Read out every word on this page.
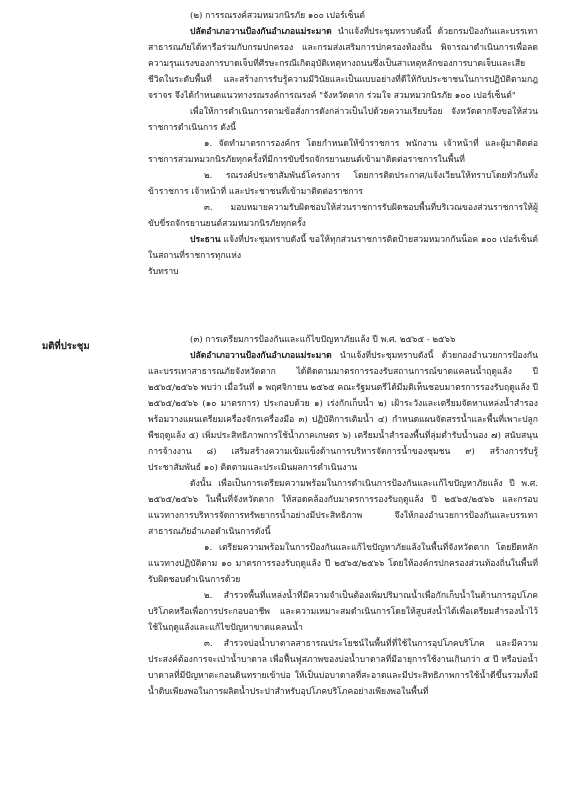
มติที่ประชุม

(๒) การรณรงค์สวมหมวกนิรภัย ๑๐๐ เปอร์เซ็นต์

ปลัดอำเภอวานป้องกันอำเภอแม่ระมาด นำแจ้งที่ประชุมทราบดังนี้ ด้วยกรมป้องกันและบรรเทาสาธารณภัยได้หารือร่วมกับกรมปกครอง และกรมส่งเสริมการปกครองท้องถิ่น พิจารณาดำเนินการเพื่อลดความรุนแรงของการบาดเจ็บที่ศีรษะกรณีเกิดอุบัติเหตุทางถนนซึ่งเป็นสาเหตุหลักของการบาดเจ็บและเสียชีวิตในระดับพื้นที่ และสร้างการรับรู้ความมีวินัยและเป็นแบบอย่างที่ดีให้กับประชาชนในการปฏิบัติตามกฎจราจร จึงได้กำหนดแนวทางรณรงค์การณรงค์ "จังหวัดตาก ร่วมใจ สวมหมวกนิรภัย ๑๐๐ เปอร์เซ็นต์"

เพื่อให้การดำเนินการตามข้อสั่งการดังกล่าวเป็นไปด้วยความเรียบร้อย จังหวัดตากจึงขอให้ส่วนราชการดำเนินการ ดังนี้

๑. จัดทำมาตรการองค์กร โดยกำหนดให้ข้าราชการ พนักงาน เจ้าหน้าที่ และผู้มาติดต่อราชการสวมหมวกนิรภัยทุกครั้งที่มีการขับขี่รถจักรยานยนต์เข้ามาติดต่อราชการในพื้นที่

๒. รณรงค์ประชาสัมพันธ์โครงการ โดยการติดประกาศ/แจ้งเวียนให้ทราบโดยทั่วกันทั้งข้าราชการ เจ้าหน้าที่ และประชาชนที่เข้ามาติดต่อราชการ

๓. มอบหมายความรับผิดชอบให้ส่วนราชการรับผิดชอบพื้นที่บริเวณของส่วนราชการให้ผู้ขับขี่รถจักรยานยนต์สวมหมวกนิรภัยทุกครั้ง

ประธาน แจ้งที่ประชุมทราบดังนี้ ขอให้ทุกส่วนราชการติดป้ายสวมหมวกกันน็อค ๑๐๐ เปอร์เซ็นต์ ในสถานที่ราชการทุกแห่ง

รับทราบ

(๓) การเตรียมการป้องกันและแก้ไขปัญหาภัยแล้ง ปี พ.ศ. ๒๕๖๕ - ๒๕๖๖

ปลัดอำเภอวานป้องกันอำเภอแม่ระมาด นำแจ้งที่ประชุมทราบดังนี้ ด้วยกองอำนวยการป้องกันและบรรเทาสาธารณภัยจังหวัดตาก ได้ติดตามมาตรการรองรับสถานการณ์ขาดแคลนน้ำฤดูแล้ง ปี ๒๕๖๕/๒๕๖๖ พบว่า เมื่อวันที่ ๑ พฤศจิกายน ๒๕๖๕ คณะรัฐมนตรีได้มีมติเห็นชอบมาตรการรองรับฤดูแล้ง ปี ๒๕๖๕/๒๕๖๖ (๑๐ มาตรการ) ประกอบด้วย ๑) เร่งกักเก็บน้ำ ๒) เฝ้าระวังและเตรียมจัดหาแหล่งน้ำสำรอง พร้อมวางแผนเตรียมเครื่องจักรเครื่องมือ ๓) ปฏิบัติการเติมน้ำ ๔) กำหนดแผนจัดสรรน้ำและพื้นที่เพาะปลูกพืชฤดูแล้ง ๕) เพิ่มประสิทธิภาพการใช้น้ำภาคเกษตร ๖) เตรียมน้ำสำรองพื้นที่ลุ่มต่ำรับน้ำนอง ๗) สนับสนุนการจ้างงาน ๘) เสริมสร้างความเข้มแข็งด้านการบริหารจัดการน้ำของชุมชน ๙) สร้างการรับรู้ประชาสัมพันธ์ ๑๐) ติดตามและประเมินผลการดำเนินงาน

ดังนั้น เพื่อเป็นการเตรียมความพร้อมในการดำเนินการป้องกันและแก้ไขปัญหาภัยแล้ง ปี พ.ศ. ๒๕๖๕/๒๕๖๖ ในพื้นที่จังหวัดตาก ให้สอดคล้องกับมาตรการรองรับฤดูแล้ง ปี ๒๕๖๕/๒๕๖๖ และกรอบแนวทางการบริหารจัดการทรัพยากรน้ำอย่างมีประสิทธิภาพ จึงให้กองอำนวยการป้องกันและบรรเทาสาธารณภัยอำเภอดำเนินการดังนี้

๑. เตรียมความพร้อมในการป้องกันและแก้ไขปัญหาภัยแล้งในพื้นที่จังหวัดตาก โดยยึดหลักแนวทางปฏิบัติตาม ๑๐ มาตรการรองรับฤดูแล้ง ปี ๒๕๖๕/๒๕๖๖ โดยให้องค์กรปกครองส่วนท้องถิ่นในพื้นที่รับผิดชอบดำเนินการด้วย

๒. สำรวจพื้นที่แหล่งน้ำที่มีความจำเป็นต้องเพิ่มปริมาณน้ำเพื่อกักเก็บน้ำในด้านการอุปโภคบริโภคหรือเพื่อการประกอบอาชีพ และความเหมาะสมดำเนินการโดยให้สูบส่งน้ำได้เพื่อเตรียมสำรองน้ำไว้ใช้ในฤดูแล้งและแก้ไขปัญหาขาดแคลนน้ำ

๓. สำรวจบ่อน้ำบาดาลสาธารณประโยชน์ในพื้นที่ที่ใช้ในการอุปโภคบริโภค และมีความประสงค์ต้องการจะเป่าน้ำบาดาล เพื่อฟื้นฟูสภาพของบ่อน้ำบาดาลที่มีอายุการใช้งานเกินกว่า ๕ ปี หรือบ่อน้ำบาดาลที่มีปัญหาตะกอนดินทรายเข้าบ่อ ให้เป็นบ่อบาดาลที่สะอาดและมีประสิทธิภาพการใช้น้ำดีขึ้นรวมทั้งมีน้ำดิบเพียงพอในการผลิตน้ำประปาสำหรับอุปโภคบริโภคอย่างเพียงพอในพื้นที่
